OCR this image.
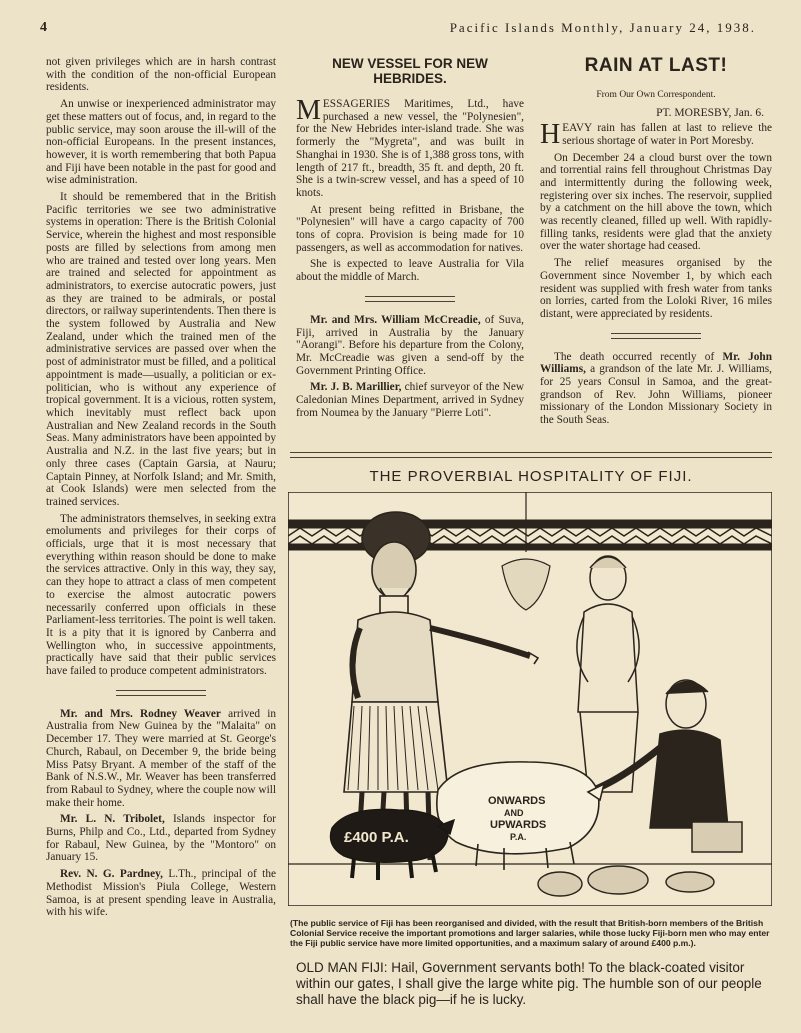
4	Pacific Islands Monthly, January 24, 1938.

not given privileges which are in harsh contrast with the condition of the non-official European residents.

An unwise or inexperienced administrator may get these matters out of focus, and, in regard to the public service, may soon arouse the ill-will of the non-official Europeans. In the present instances, however, it is worth remembering that both Papua and Fiji have been notable in the past for good and wise administration.

It should be remembered that in the British Pacific territories we see two administrative systems in operation: There is the British Colonial Service, wherein the highest and most responsible posts are filled by selections from among men who are trained and tested over long years. Men are trained and selected for appointment as administrators, to exercise autocratic powers, just as they are trained to be admirals, or postal directors, or railway superintendents. Then there is the system followed by Australia and New Zealand, under which the trained men of the administrative services are passed over when the post of administrator must be filled, and a political appointment is made—usually, a politician or ex-politician, who is without any experience of tropical government. It is a vicious, rotten system, which inevitably must reflect back upon Australian and New Zealand records in the South Seas. Many administrators have been appointed by Australia and N.Z. in the last five years; but in only three cases (Captain Garsia, at Nauru; Captain Pinney, at Norfolk Island; and Mr. Smith, at Cook Islands) were men selected from the trained services.

The administrators themselves, in seeking extra emoluments and privileges for their corps of officials, urge that it is most necessary that everything within reason should be done to make the services attractive. Only in this way, they say, can they hope to attract a class of men competent to exercise the almost autocratic powers necessarily conferred upon officials in these Parliament-less territories. The point is well taken. It is a pity that it is ignored by Canberra and Wellington who, in successive appointments, practically have said that their public services have failed to produce competent administrators.

Mr. and Mrs. Rodney Weaver arrived in Australia from New Guinea by the "Malaita" on December 17. They were married at St. George's Church, Rabaul, on December 9, the bride being Miss Patsy Bryant. A member of the staff of the Bank of N.S.W., Mr. Weaver has been transferred from Rabaul to Sydney, where the couple now will make their home.

Mr. L. N. Tribolet, Islands inspector for Burns, Philp and Co., Ltd., departed from Sydney for Rabaul, New Guinea, by the "Montoro" on January 15.

Rev. N. G. Pardney, L.Th., principal of the Methodist Mission's Piula College, Western Samoa, is at present spending leave in Australia, with his wife.

NEW VESSEL FOR NEW HEBRIDES.

MESSAGERIES Maritimes, Ltd., have purchased a new vessel, the "Polynesien", for the New Hebrides inter-island trade. She was formerly the "Mygreta", and was built in Shanghai in 1930. She is of 1,388 gross tons, with length of 217 ft., breadth, 35 ft. and depth, 20 ft. She is a twin-screw vessel, and has a speed of 10 knots.

At present being refitted in Brisbane, the "Polynesien" will have a cargo capacity of 700 tons of copra. Provision is being made for 10 passengers, as well as accommodation for natives.

She is expected to leave Australia for Vila about the middle of March.

Mr. and Mrs. William McCreadie, of Suva, Fiji, arrived in Australia by the January "Aorangi". Before his departure from the Colony, Mr. McCreadie was given a send-off by the Government Printing Office.

Mr. J. B. Marillier, chief surveyor of the New Caledonian Mines Department, arrived in Sydney from Noumea by the January "Pierre Loti".

RAIN AT LAST!
From Our Own Correspondent.
PT. MORESBY, Jan. 6.

HEAVY rain has fallen at last to relieve the serious shortage of water in Port Moresby.

On December 24 a cloud burst over the town and torrential rains fell throughout Christmas Day and intermittently during the following week, registering over six inches. The reservoir, supplied by a catchment on the hill above the town, which was recently cleaned, filled up well. With rapidly-filling tanks, residents were glad that the anxiety over the water shortage had ceased.

The relief measures organised by the Government since November 1, by which each resident was supplied with fresh water from tanks on lorries, carted from the Loloki River, 16 miles distant, were appreciated by residents.

The death occurred recently of Mr. John Williams, a grandson of the late Mr. J. Williams, for 25 years Consul in Samoa, and the great-grandson of Rev. John Williams, pioneer missionary of the London Missionary Society in the South Seas.

THE PROVERBIAL HOSPITALITY OF FIJI.
ONWARDS
AND
UPWARDS
P.A.
£400 P.A.
(The public service of Fiji has been reorganised and divided, with the result that British-born members of the British Colonial Service receive the important promotions and larger salaries, while those lucky Fiji-born men who may enter the Fiji public service have more limited opportunities, and a maximum salary of around £400 p.m.).
OLD MAN FIJI: Hail, Government servants both! To the black-coated visitor within our gates, I shall give the large white pig. The humble son of our people shall have the black pig—if he is lucky.
